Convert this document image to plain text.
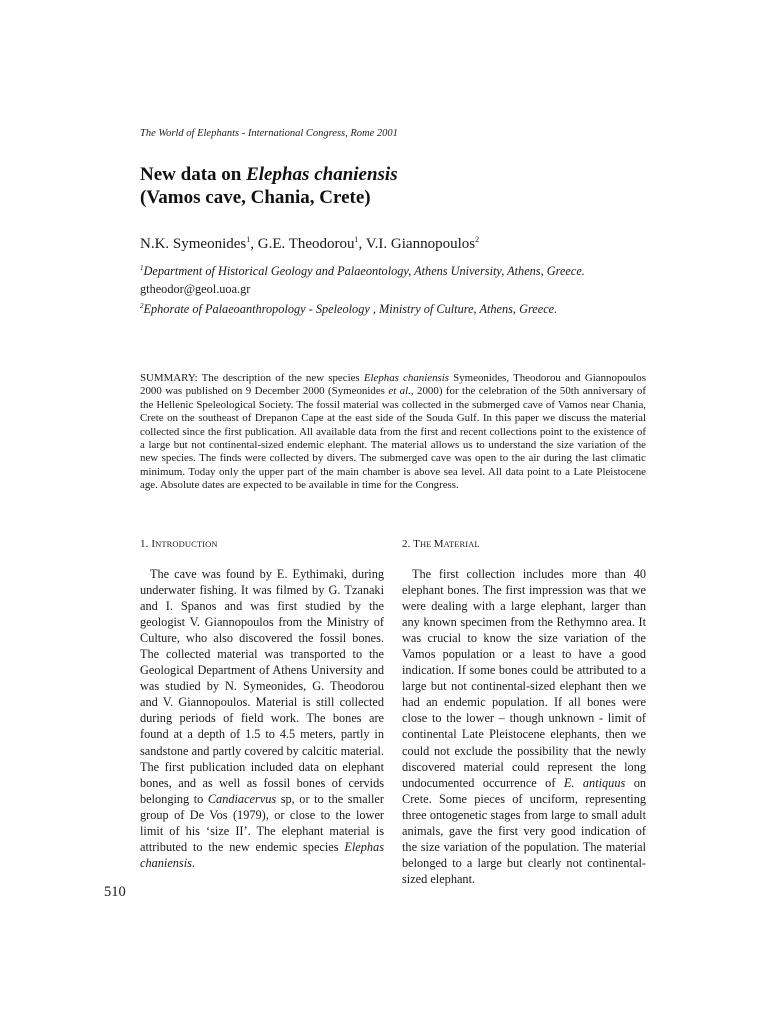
The World of Elephants - International Congress, Rome 2001
New data on Elephas chaniensis
(Vamos cave, Chania, Crete)
N.K. Symeonides$^1$, G.E. Theodorou$^1$, V.I. Giannopoulos$^2$
$^1$Department of Historical Geology and Palaeontology, Athens University, Athens, Greece.
gtheodor@geol.uoa.gr
$^2$Ephorate of Palaeoanthropology - Speleology , Ministry of Culture, Athens, Greece.
SUMMARY: The description of the new species Elephas chaniensis Symeonides, Theodorou and Giannopoulos 2000 was published on 9 December 2000 (Symeonides et al., 2000) for the celebration of the 50th anniversary of the Hellenic Speleological Society. The fossil material was collected in the submerged cave of Vamos near Chania, Crete on the southeast of Drepanon Cape at the east side of the Souda Gulf. In this paper we discuss the material collected since the first publication. All available data from the first and recent collections point to the existence of a large but not continental-sized endemic elephant. The material allows us to understand the size variation of the new species. The finds were collected by divers. The submerged cave was open to the air during the last climatic minimum. Today only the upper part of the main chamber is above sea level. All data point to a Late Pleistocene age. Absolute dates are expected to be available in time for the Congress.
1. INTRODUCTION	2. THE MATERIAL

The cave was found by E. Eythimaki, during underwater fishing. It was filmed by G. Tzanaki and I. Spanos and was first studied by the geologist V. Giannopoulos from the Ministry of Culture, who also discovered the fossil bones. The collected material was transported to the Geological Department of Athens University and was studied by N. Symeonides, G. Theodorou and V. Giannopoulos. Material is still collected during periods of field work. The bones are found at a depth of 1.5 to 4.5 meters, partly in sandstone and partly covered by calcitic material. The first publication included data on elephant bones, and as well as fossil bones of cervids belonging to Candiacervus sp, or to the smaller group of De Vos (1979), or close to the lower limit of his ‘size II’. The elephant material is attributed to the new endemic species Elephas chaniensis.

The first collection includes more than 40 elephant bones. The first impression was that we were dealing with a large elephant, larger than any known specimen from the Rethymno area. It was crucial to know the size variation of the Vamos population or a least to have a good indication. If some bones could be attributed to a large but not continental-sized elephant then we had an endemic population. If all bones were close to the lower – though unknown - limit of continental Late Pleistocene elephants, then we could not exclude the possibility that the newly discovered material could represent the long undocumented occurrence of E. antiquus on Crete. Some pieces of unciform, representing three ontogenetic stages from large to small adult animals, gave the first very good indication of the size variation of the population. The material belonged to a large but clearly not continental-sized elephant.

510
